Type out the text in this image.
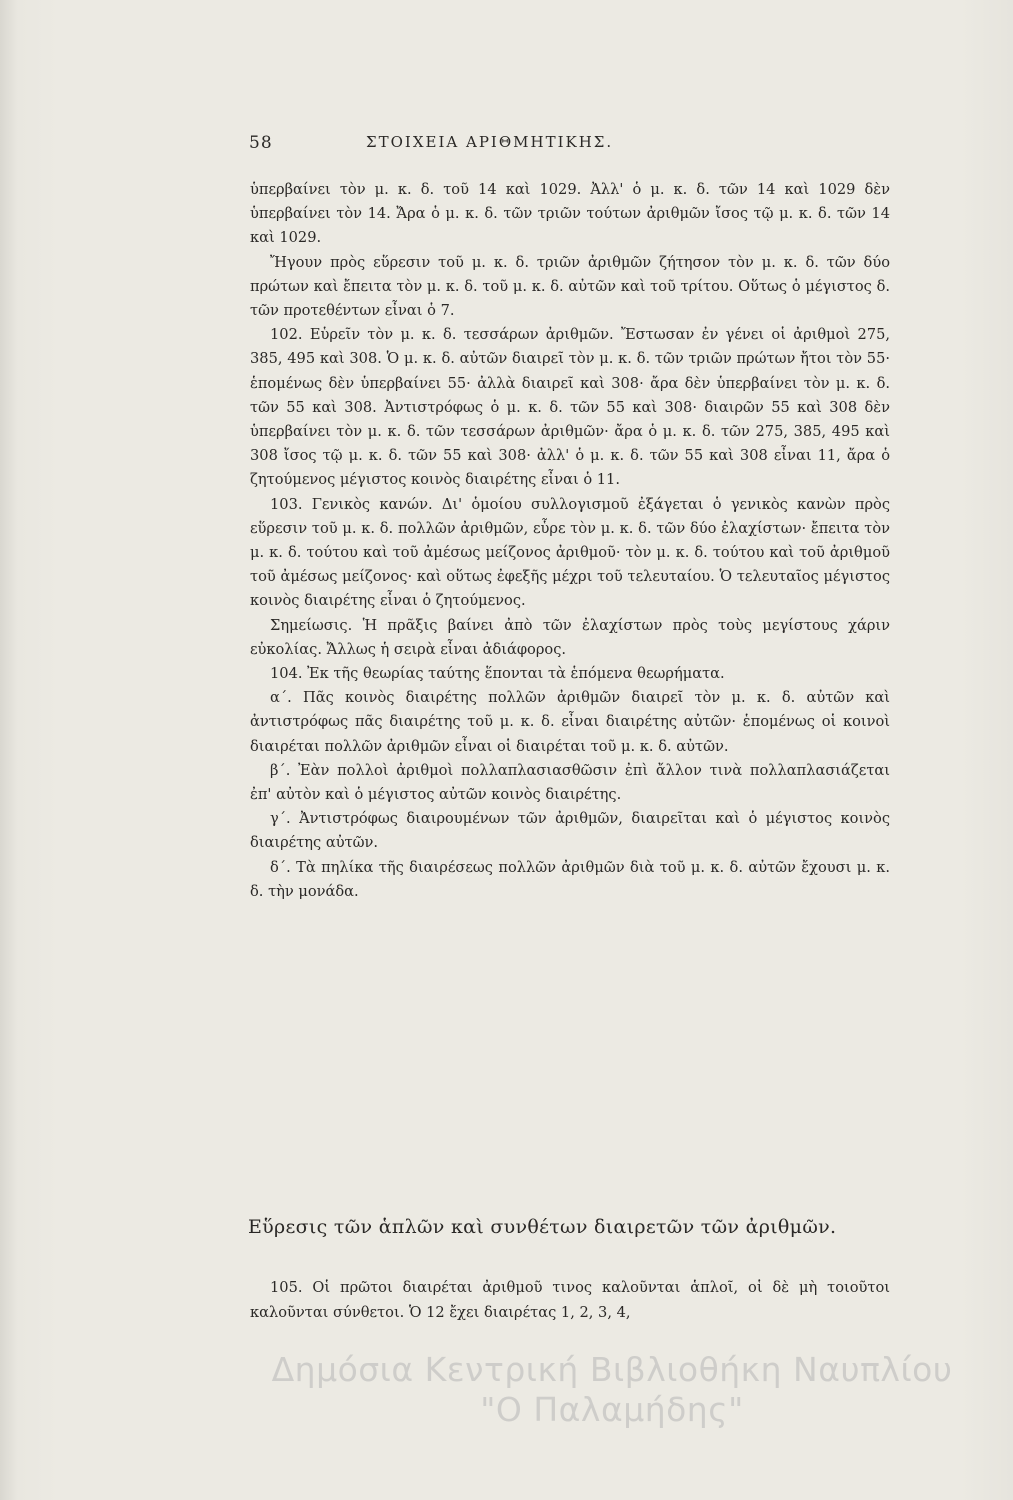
58	ΣΤΟΙΧΕΙΑ ΑΡΙΘΜΗΤΙΚΗΣ.

ὑπερβαίνει τὸν μ. κ. δ. τοῦ 14 καὶ 1029. Ἀλλ' ὁ μ. κ. δ. τῶν 14 καὶ 1029 δὲν ὑπερβαίνει τὸν 14. Ἄρα ὁ μ. κ. δ. τῶν τριῶν τούτων ἀριθμῶν ἴσος τῷ μ. κ. δ. τῶν 14 καὶ 1029.

Ἤγουν πρὸς εὕρεσιν τοῦ μ. κ. δ. τριῶν ἀριθμῶν ζήτησον τὸν μ. κ. δ. τῶν δύο πρώτων καὶ ἔπειτα τὸν μ. κ. δ. τοῦ μ. κ. δ. αὐτῶν καὶ τοῦ τρίτου. Οὕτως ὁ μέγιστος δ. τῶν προτεθέντων εἶναι ὁ 7.

102. Εὑρεῖν τὸν μ. κ. δ. τεσσάρων ἀριθμῶν. Ἔστωσαν ἐν γένει οἱ ἀριθμοὶ 275, 385, 495 καὶ 308. Ὁ μ. κ. δ. αὐτῶν διαιρεῖ τὸν μ. κ. δ. τῶν τριῶν πρώτων ἤτοι τὸν 55· ἑπομένως δὲν ὑπερβαίνει 55· ἀλλὰ διαιρεῖ καὶ 308· ἄρα δὲν ὑπερβαίνει τὸν μ. κ. δ. τῶν 55 καὶ 308. Ἀντιστρόφως ὁ μ. κ. δ. τῶν 55 καὶ 308· διαιρῶν 55 καὶ 308 δὲν ὑπερβαίνει τὸν μ. κ. δ. τῶν τεσσάρων ἀριθμῶν· ἄρα ὁ μ. κ. δ. τῶν 275, 385, 495 καὶ 308 ἴσος τῷ μ. κ. δ. τῶν 55 καὶ 308· ἀλλ' ὁ μ. κ. δ. τῶν 55 καὶ 308 εἶναι 11, ἄρα ὁ ζητούμενος μέγιστος κοινὸς διαιρέτης εἶναι ὁ 11.

103. Γενικὸς κανών. Δι' ὁμοίου συλλογισμοῦ ἐξάγεται ὁ γενικὸς κανὼν πρὸς εὕρεσιν τοῦ μ. κ. δ. πολλῶν ἀριθμῶν, εὗρε τὸν μ. κ. δ. τῶν δύο ἐλαχίστων· ἔπειτα τὸν μ. κ. δ. τούτου καὶ τοῦ ἀμέσως μείζονος ἀριθμοῦ· τὸν μ. κ. δ. τούτου καὶ τοῦ ἀριθμοῦ τοῦ ἀμέσως μείζονος· καὶ οὕτως ἐφεξῆς μέχρι τοῦ τελευταίου. Ὁ τελευταῖος μέγιστος κοινὸς διαιρέτης εἶναι ὁ ζητούμενος.

Σημείωσις. Ἡ πρᾶξις βαίνει ἀπὸ τῶν ἐλαχίστων πρὸς τοὺς μεγίστους χάριν εὐκολίας. Ἄλλως ἡ σειρὰ εἶναι ἀδιάφορος.

104. Ἐκ τῆς θεωρίας ταύτης ἕπονται τὰ ἑπόμενα θεωρήματα.

α΄. Πᾶς κοινὸς διαιρέτης πολλῶν ἀριθμῶν διαιρεῖ τὸν μ. κ. δ. αὐτῶν καὶ ἀντιστρόφως πᾶς διαιρέτης τοῦ μ. κ. δ. εἶναι διαιρέτης αὐτῶν· ἑπομένως οἱ κοινοὶ διαιρέται πολλῶν ἀριθμῶν εἶναι οἱ διαιρέται τοῦ μ. κ. δ. αὐτῶν.

β΄. Ἐὰν πολλοὶ ἀριθμοὶ πολλαπλασιασθῶσιν ἐπὶ ἄλλον τινὰ πολλαπλασιάζεται ἐπ' αὐτὸν καὶ ὁ μέγιστος αὐτῶν κοινὸς διαιρέτης.

γ΄. Ἀντιστρόφως διαιρουμένων τῶν ἀριθμῶν, διαιρεῖται καὶ ὁ μέγιστος κοινὸς διαιρέτης αὐτῶν.

δ΄. Τὰ πηλίκα τῆς διαιρέσεως πολλῶν ἀριθμῶν διὰ τοῦ μ. κ. δ. αὐτῶν ἔχουσι μ. κ. δ. τὴν μονάδα.

Εὕρεσις τῶν ἁπλῶν καὶ συνθέτων διαιρετῶν τῶν ἀριθμῶν.
105. Οἱ πρῶτοι διαιρέται ἀριθμοῦ τινος καλοῦνται ἁπλοῖ, οἱ δὲ μὴ τοιοῦτοι καλοῦνται σύνθετοι. Ὁ 12 ἔχει διαιρέτας 1, 2, 3, 4,
Δημόσια Κεντρική Βιβλιοθήκη Ναυπλίου
"Ο Παλαμήδης"
